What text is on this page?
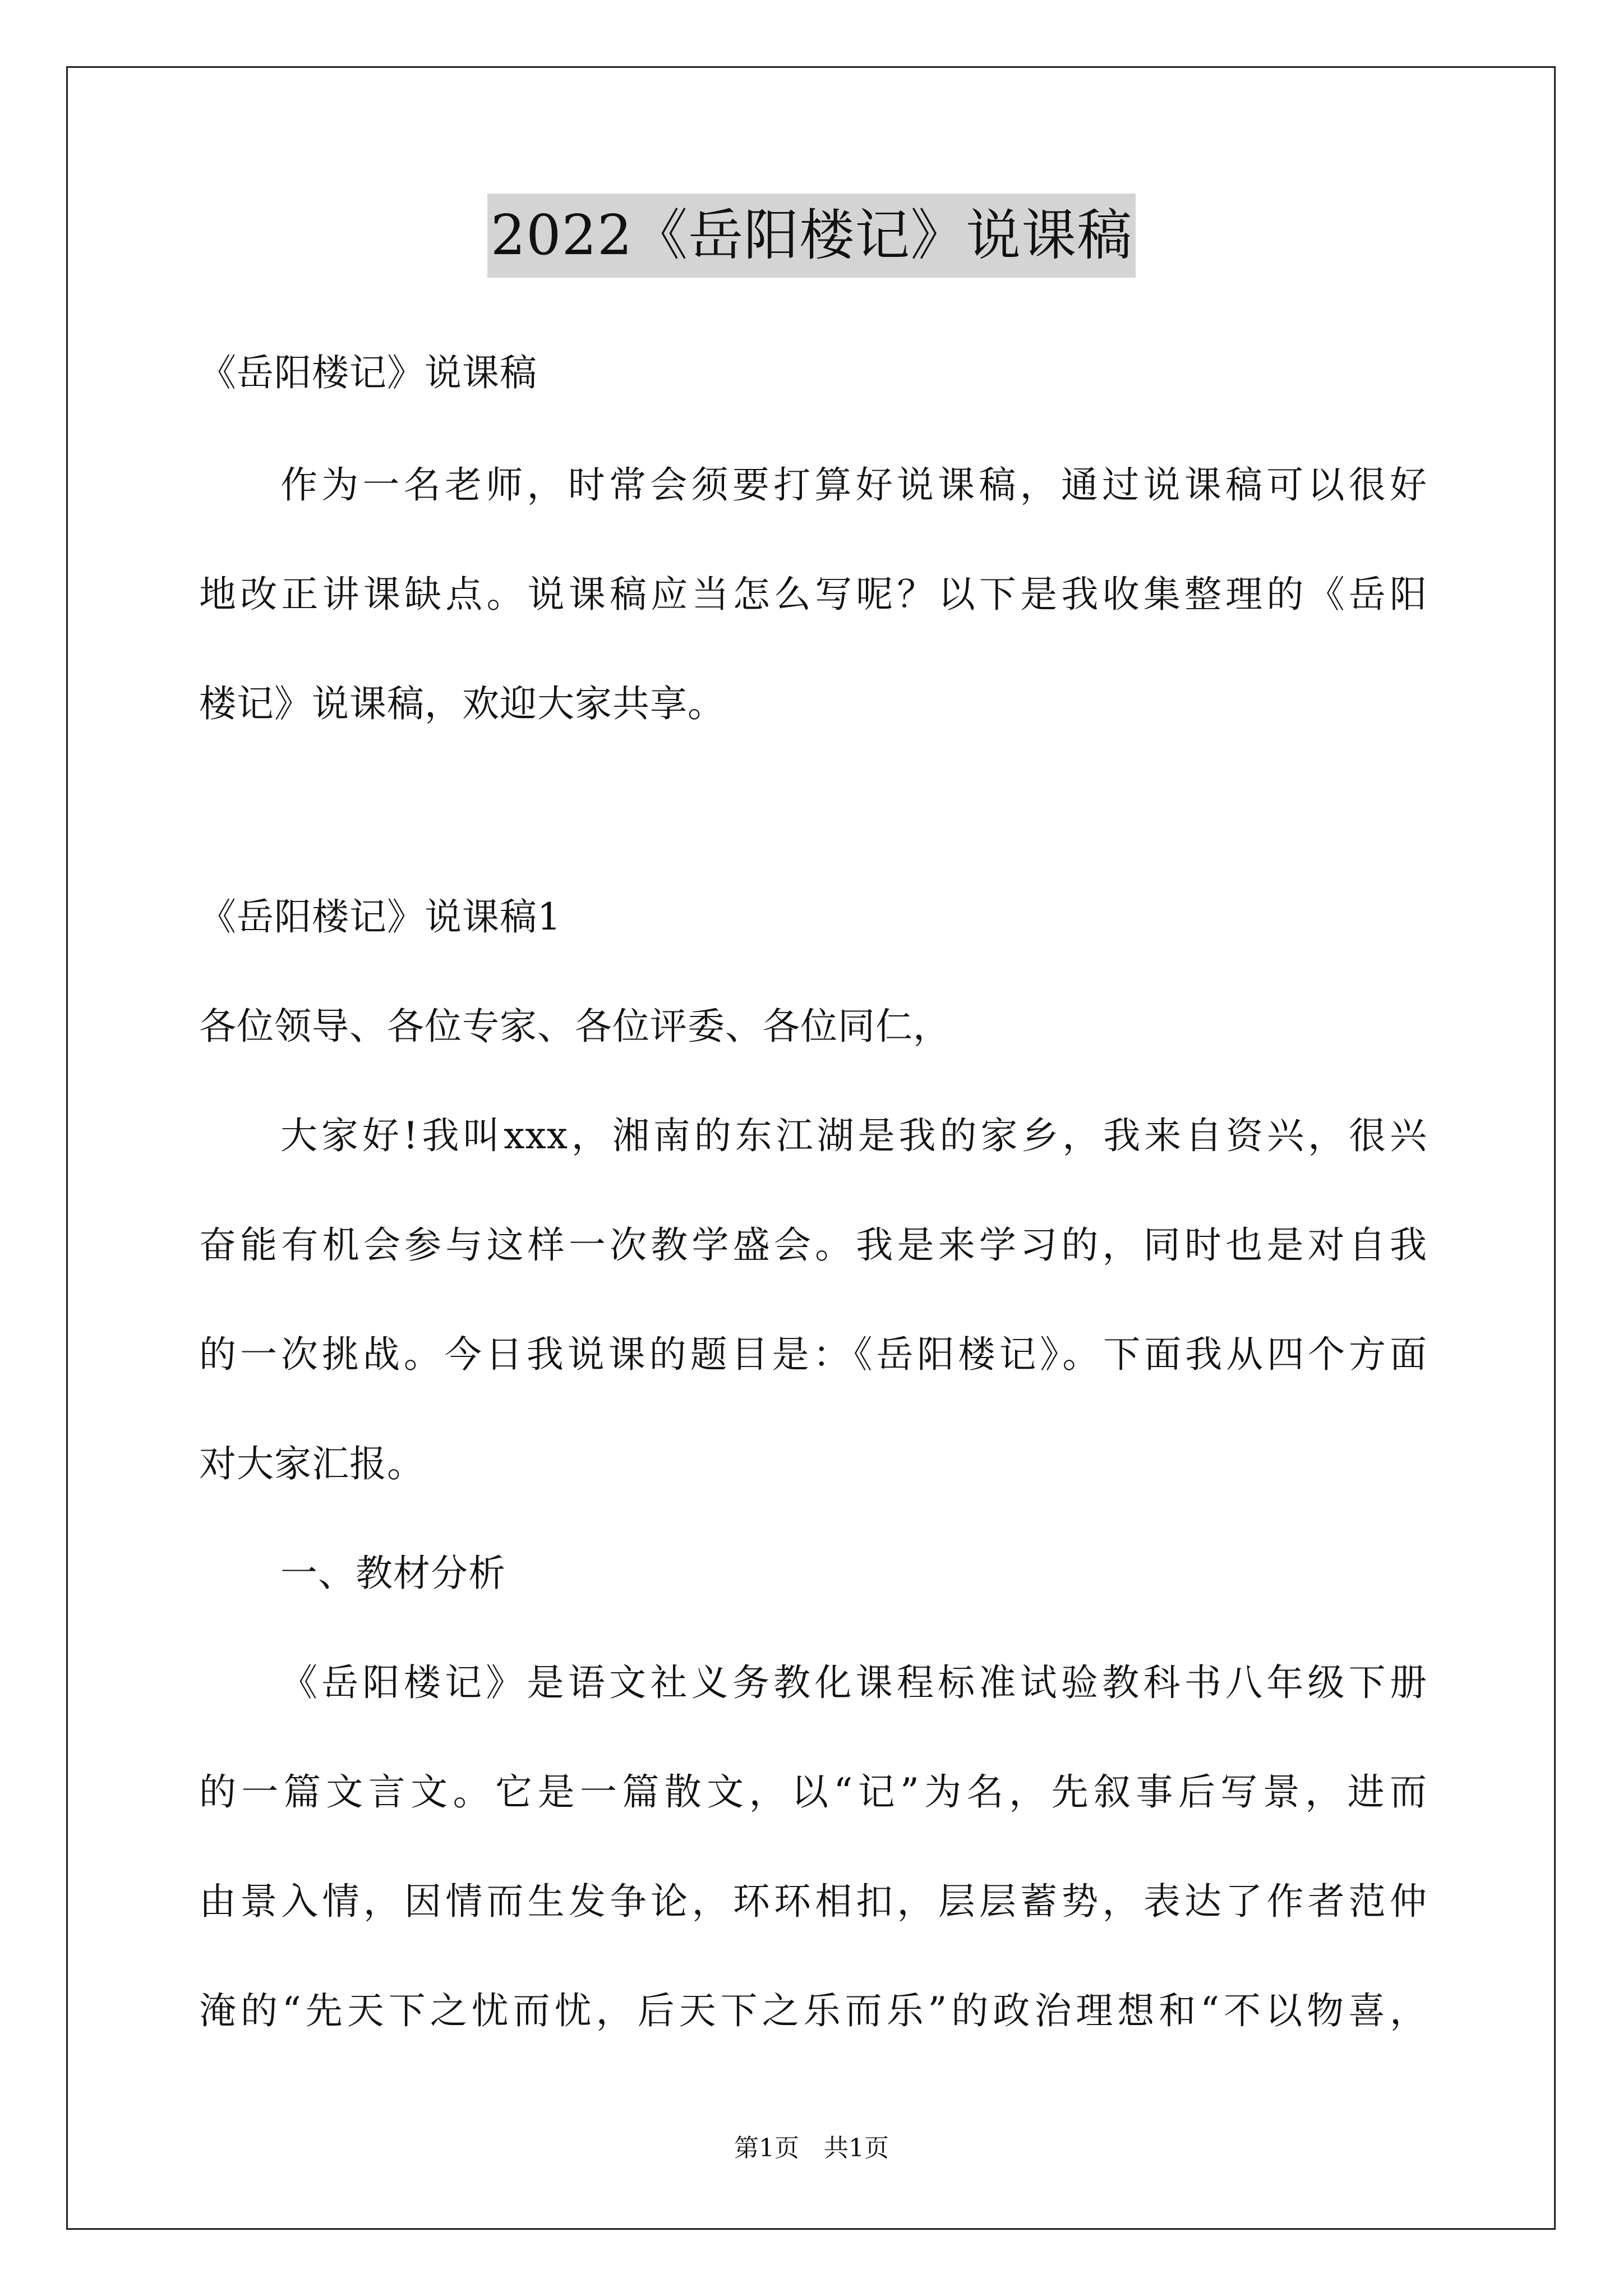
2022《岳阳楼记》说课稿
《岳阳楼记》说课稿
作为一名老师，时常会须要打算好说课稿，通过说课稿可以很好
地改正讲课缺点。说课稿应当怎么写呢？以下是我收集整理的《岳阳
楼记》说课稿，欢迎大家共享。
《岳阳楼记》说课稿1
各位领导、各位专家、各位评委、各位同仁，
大家好!我叫xxx，湘南的东江湖是我的家乡，我来自资兴，很兴
奋能有机会参与这样一次教学盛会。我是来学习的，同时也是对自我
的一次挑战。今日我说课的题目是：《岳阳楼记》。下面我从四个方面
对大家汇报。
一、教材分析
《岳阳楼记》是语文社义务教化课程标准试验教科书八年级下册
的一篇文言文。它是一篇散文，以“记”为名，先叙事后写景，进而
由景入情，因情而生发争论，环环相扣，层层蓄势，表达了作者范仲
淹的“先天下之忧而忧，后天下之乐而乐”的政治理想和“不以物喜，
第1页　共1页
